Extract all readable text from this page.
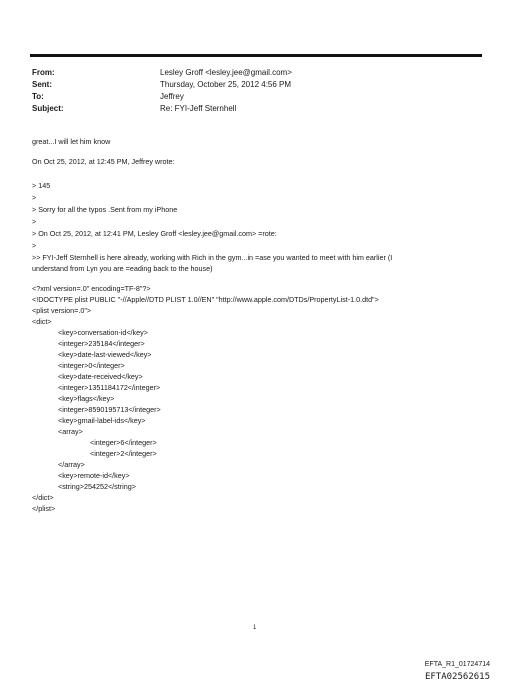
From:	Lesley Groff <lesley.jee@gmail.com>
Sent:	Thursday, October 25, 2012 4:56 PM
To:	Jeffrey
Subject:	Re: FYI-Jeff Sternhell
great...I will let him know
On Oct 25, 2012, at 12:45 PM, Jeffrey wrote:
> 145
>
> Sorry for all the typos .Sent from my iPhone
>
> On Oct 25, 2012, at 12:41 PM, Lesley Groff <lesley.jee@gmail.com> =rote:
>
>> FYI-Jeff Sternhell is here already, working with Rich in the gym...in =ase you wanted to meet with him earlier (I
understand from Lyn you are =eading back to the house)
<?xml version=.0" encoding=TF-8"?>
<!DOCTYPE plist PUBLIC "-//Apple//DTD PLIST 1.0//EN" "http://www.apple.com/DTDs/PropertyList-1.0.dtd">
<plist version=.0">
<dict>
<key>conversation-id</key>
<integer>235184</integer>
<key>date-last-viewed</key>
<integer>0</integer>
<key>date-received</key>
<integer>1351184172</integer>
<key>flags</key>
<integer>8590195713</integer>
<key>gmail-label-ids</key>
<array>
<integer>6</integer>
<integer>2</integer>
</array>
<key>remote-id</key>
<string>254252</string>
</dict>
</plist>
1
EFTA_R1_01724714
EFTA02562615
